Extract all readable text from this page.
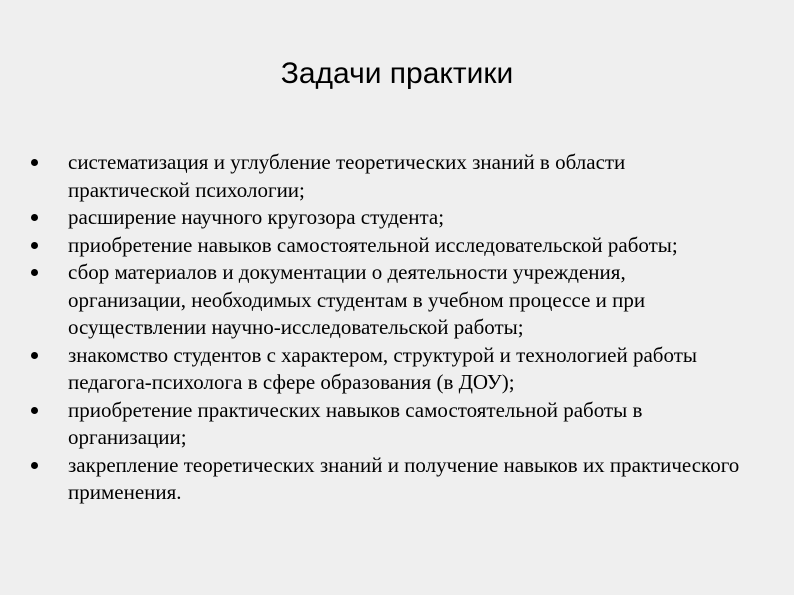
Задачи практики
систематизация и углубление теоретических знаний в области практической психологии;
расширение научного кругозора студента;
приобретение навыков самостоятельной исследовательской работы;
сбор материалов и документации о деятельности учреждения, организации, необходимых студентам в учебном процессе и при осуществлении научно-исследовательской работы;
знакомство студентов с характером, структурой и технологией работы педагога-психолога в сфере образования (в ДОУ);
приобретение практических навыков самостоятельной работы в организации;
закрепление теоретических знаний и получение навыков их практического применения.
